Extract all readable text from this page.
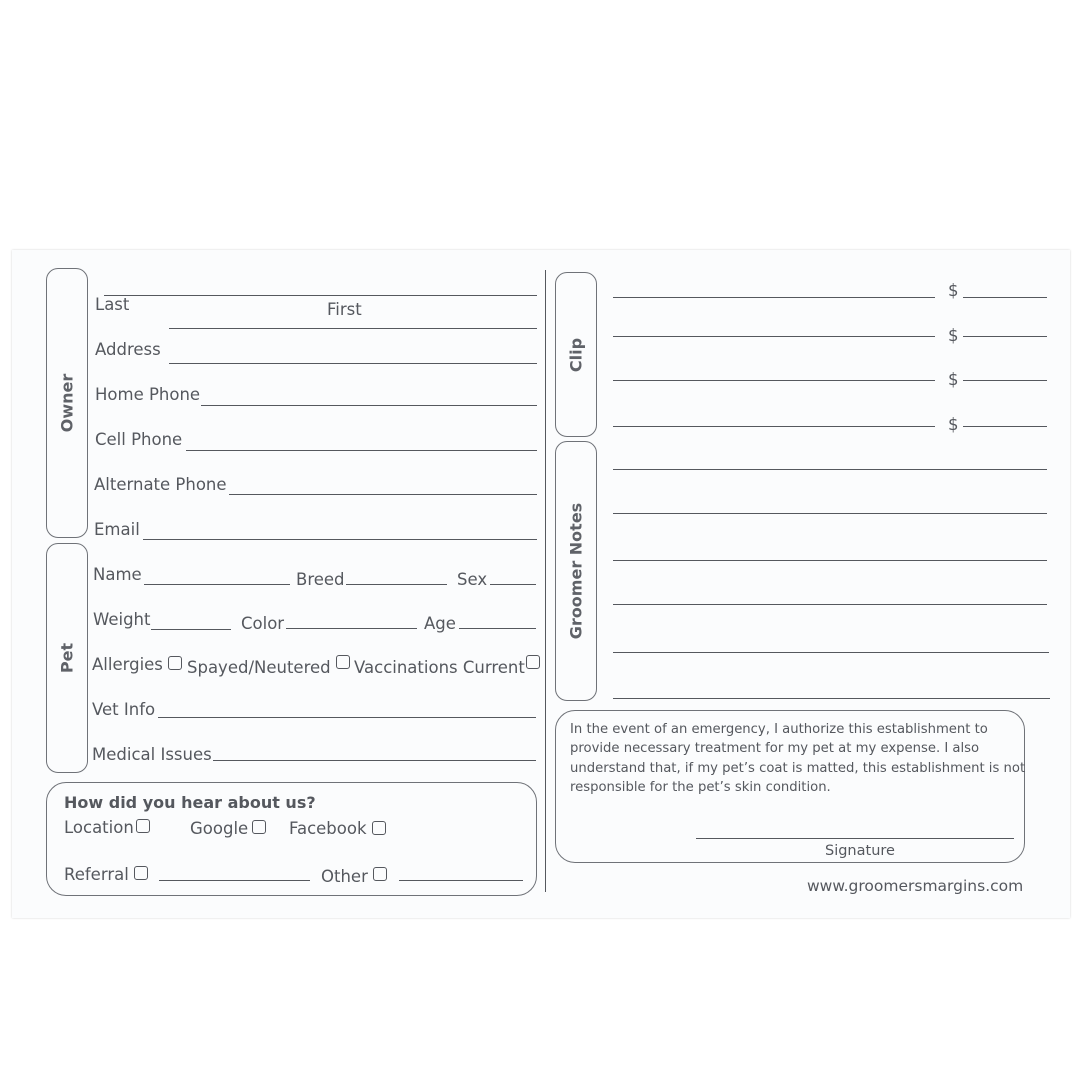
Owner
Pet
Last	First
Address
Home Phone
Cell Phone
Alternate Phone
Email
Name	Breed	Sex
Weight	Color	Age
Allergies Spayed/Neutered Vaccinations Current
Vet Info
Medical Issues
How did you hear about us?
Location	Google Facebook
Referral	Other
Clip
Groomer Notes
$
$
$
$
In the event of an emergency, I authorize this establishment to
provide necessary treatment for my pet at my expense. I also
understand that, if my pet’s coat is matted, this establishment is not
responsible for the pet’s skin condition.
Signature
www.groomersmargins.com
